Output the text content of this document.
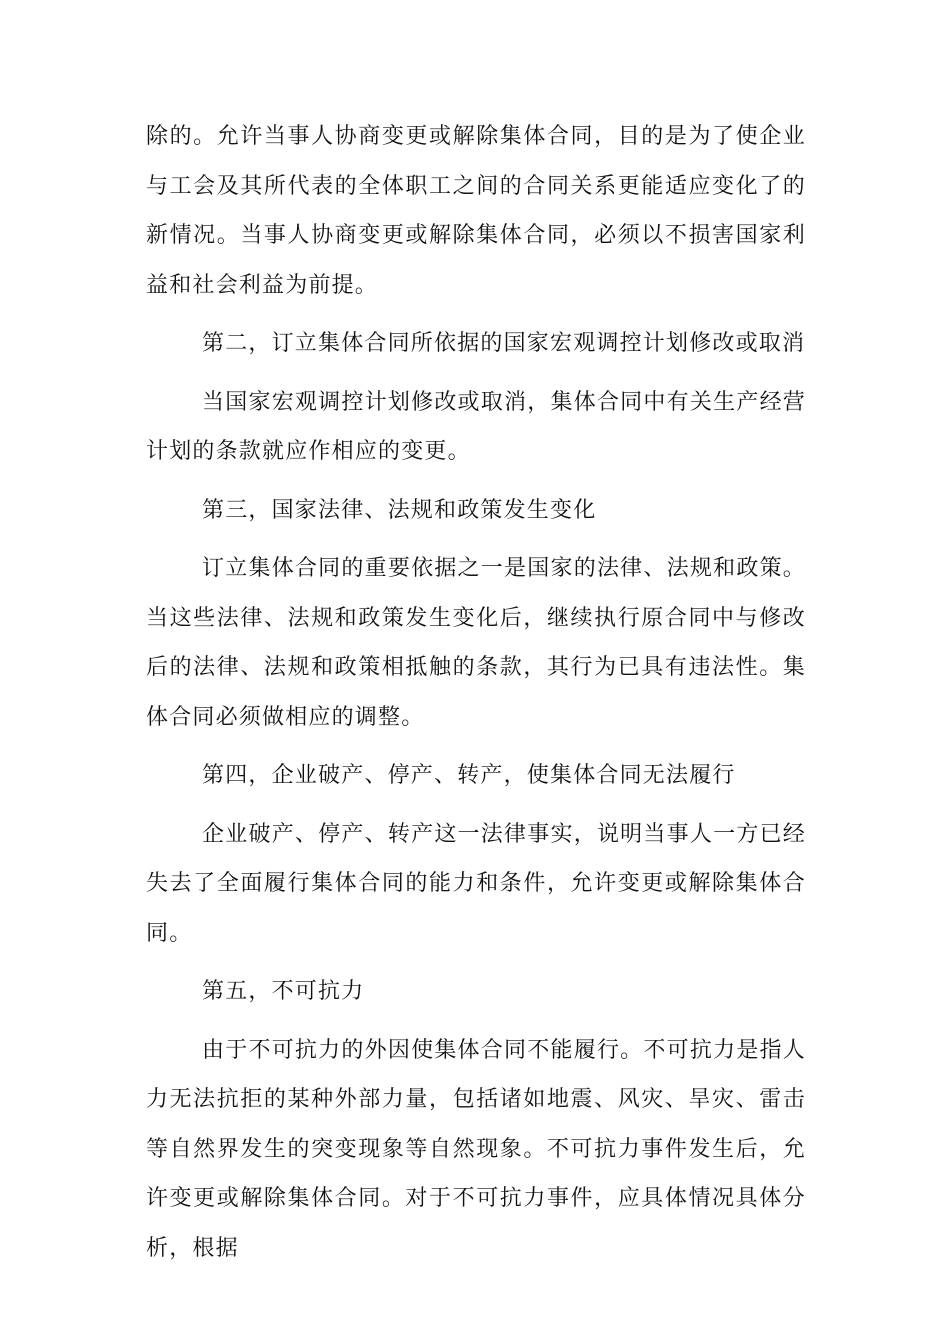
除的。允许当事人协商变更或解除集体合同，目的是为了使企业与工会及其所代表的全体职工之间的合同关系更能适应变化了的新情况。当事人协商变更或解除集体合同，必须以不损害国家利益和社会利益为前提。

第二，订立集体合同所依据的国家宏观调控计划修改或取消

当国家宏观调控计划修改或取消，集体合同中有关生产经营计划的条款就应作相应的变更。

第三，国家法律、法规和政策发生变化

订立集体合同的重要依据之一是国家的法律、法规和政策。当这些法律、法规和政策发生变化后，继续执行原合同中与修改后的法律、法规和政策相抵触的条款，其行为已具有违法性。集体合同必须做相应的调整。

第四，企业破产、停产、转产，使集体合同无法履行

企业破产、停产、转产这一法律事实，说明当事人一方已经失去了全面履行集体合同的能力和条件，允许变更或解除集体合同。

第五，不可抗力

由于不可抗力的外因使集体合同不能履行。不可抗力是指人力无法抗拒的某种外部力量，包括诸如地震、风灾、旱灾、雷击等自然界发生的突变现象等自然现象。不可抗力事件发生后，允许变更或解除集体合同。对于不可抗力事件，应具体情况具体分析，根据
